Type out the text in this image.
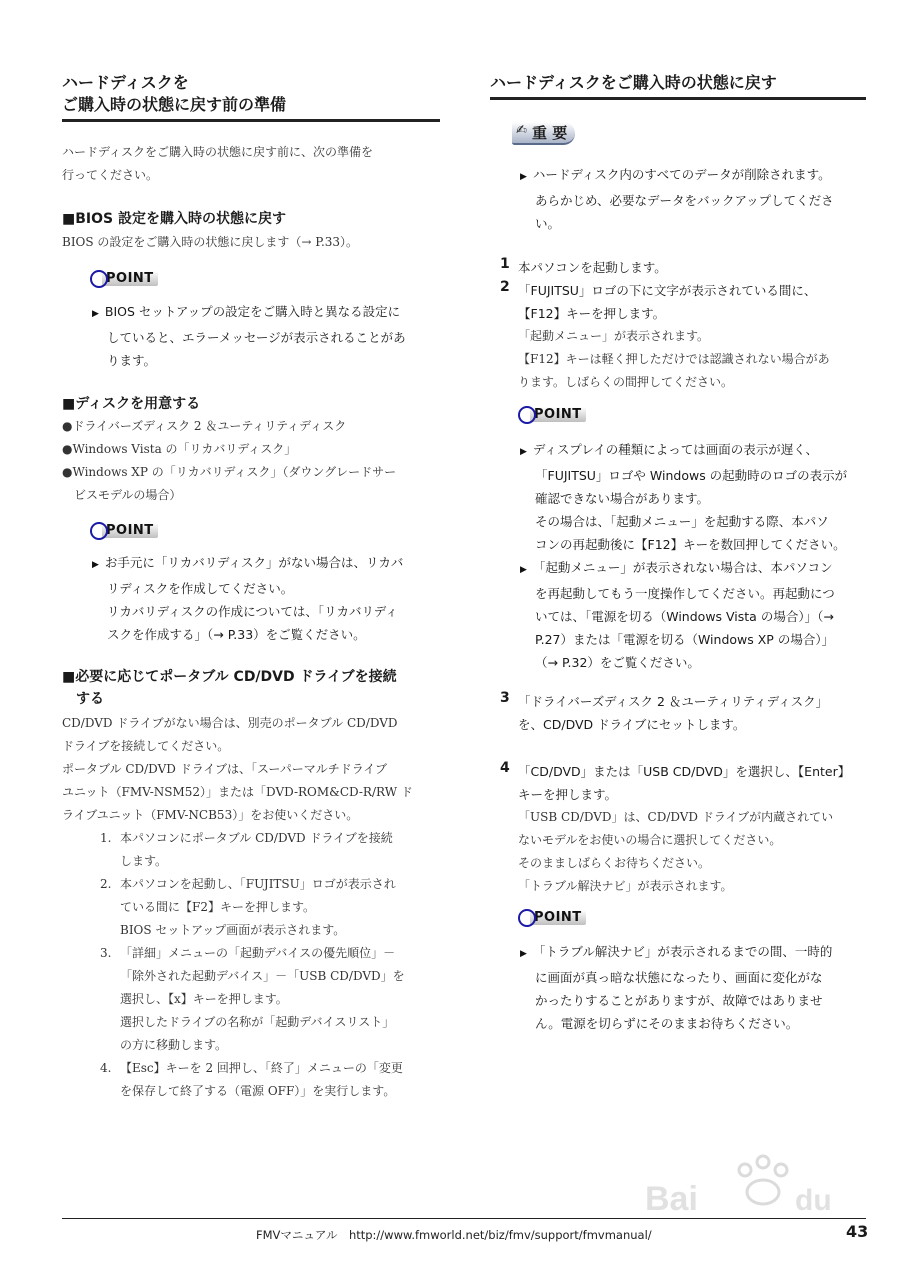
ハードディスクを
ご購入時の状態に戻す前の準備
ハードディスクをご購入時の状態に戻す前に、次の準備を
行ってください。
■BIOS 設定を購入時の状態に戻す
BIOS の設定をご購入時の状態に戻します（→ P.33）。
POINT
▶ BIOS セットアップの設定をご購入時と異なる設定に
していると、エラーメッセージが表示されることがあ
ります。
■ディスクを用意する
●ドライバーズディスク 2 ＆ユーティリティディスク
●Windows Vista の「リカバリディスク」
●Windows XP の「リカバリディスク」（ダウングレードサー
ビスモデルの場合）
POINT
▶ お手元に「リカバリディスク」がない場合は、リカバ
リディスクを作成してください。
リカバリディスクの作成については、「リカバリディ
スクを作成する」（→ P.33）をご覧ください。
■必要に応じてポータブル CD/DVD ドライブを接続
する
CD/DVD ドライブがない場合は、別売のポータブル CD/DVD
ドライブを接続してください。
ポータブル CD/DVD ドライブは、「スーパーマルチドライブ
ユニット（FMV-NSM52）」または「DVD-ROM&CD-R/RW ド
ライブユニット（FMV-NCB53）」をお使いください。
1. 本パソコンにポータブル CD/DVD ドライブを接続
します。
2. 本パソコンを起動し、「FUJITSU」ロゴが表示され
ている間に【F2】キーを押します。
BIOS セットアップ画面が表示されます。
3. 「詳細」メニューの「起動デバイスの優先順位」－
「除外された起動デバイス」－「USB CD/DVD」を
選択し、【x】キーを押します。
選択したドライブの名称が「起動デバイスリスト」
の方に移動します。
4. 【Esc】キーを 2 回押し、「終了」メニューの「変更
を保存して終了する（電源 OFF）」を実行します。
ハードディスクをご購入時の状態に戻す
✍ 重 要
▶ ハードディスク内のすべてのデータが削除されます。
あらかじめ、必要なデータをバックアップしてくださ
い。
1 本パソコンを起動します。
2 「FUJITSU」ロゴの下に文字が表示されている間に、
【F12】キーを押します。
「起動メニュー」が表示されます。
【F12】キーは軽く押しただけでは認識されない場合があ
ります。しばらくの間押してください。
POINT
▶ ディスプレイの種類によっては画面の表示が遅く、
「FUJITSU」ロゴや Windows の起動時のロゴの表示が
確認できない場合があります。
その場合は、「起動メニュー」を起動する際、本パソ
コンの再起動後に【F12】キーを数回押してください。
▶ 「起動メニュー」が表示されない場合は、本パソコン
を再起動してもう一度操作してください。再起動につ
いては、「電源を切る（Windows Vista の場合）」（→
P.27）または「電源を切る（Windows XP の場合）」
（→ P.32）をご覧ください。
3 「ドライバーズディスク 2 ＆ユーティリティディスク」
を、CD/DVD ドライブにセットします。
4 「CD/DVD」または「USB CD/DVD」を選択し、【Enter】
キーを押します。
「USB CD/DVD」は、CD/DVD ドライブが内蔵されてい
ないモデルをお使いの場合に選択してください。
そのまましばらくお待ちください。
「トラブル解決ナビ」が表示されます。
POINT
▶ 「トラブル解決ナビ」が表示されるまでの間、一時的
に画面が真っ暗な状態になったり、画面に変化がな
かったりすることがありますが、故障ではありませ
ん。電源を切らずにそのままお待ちください。
Bai	du
FMVマニュアル　http://www.fmworld.net/biz/fmv/support/fmvmanual/	43
